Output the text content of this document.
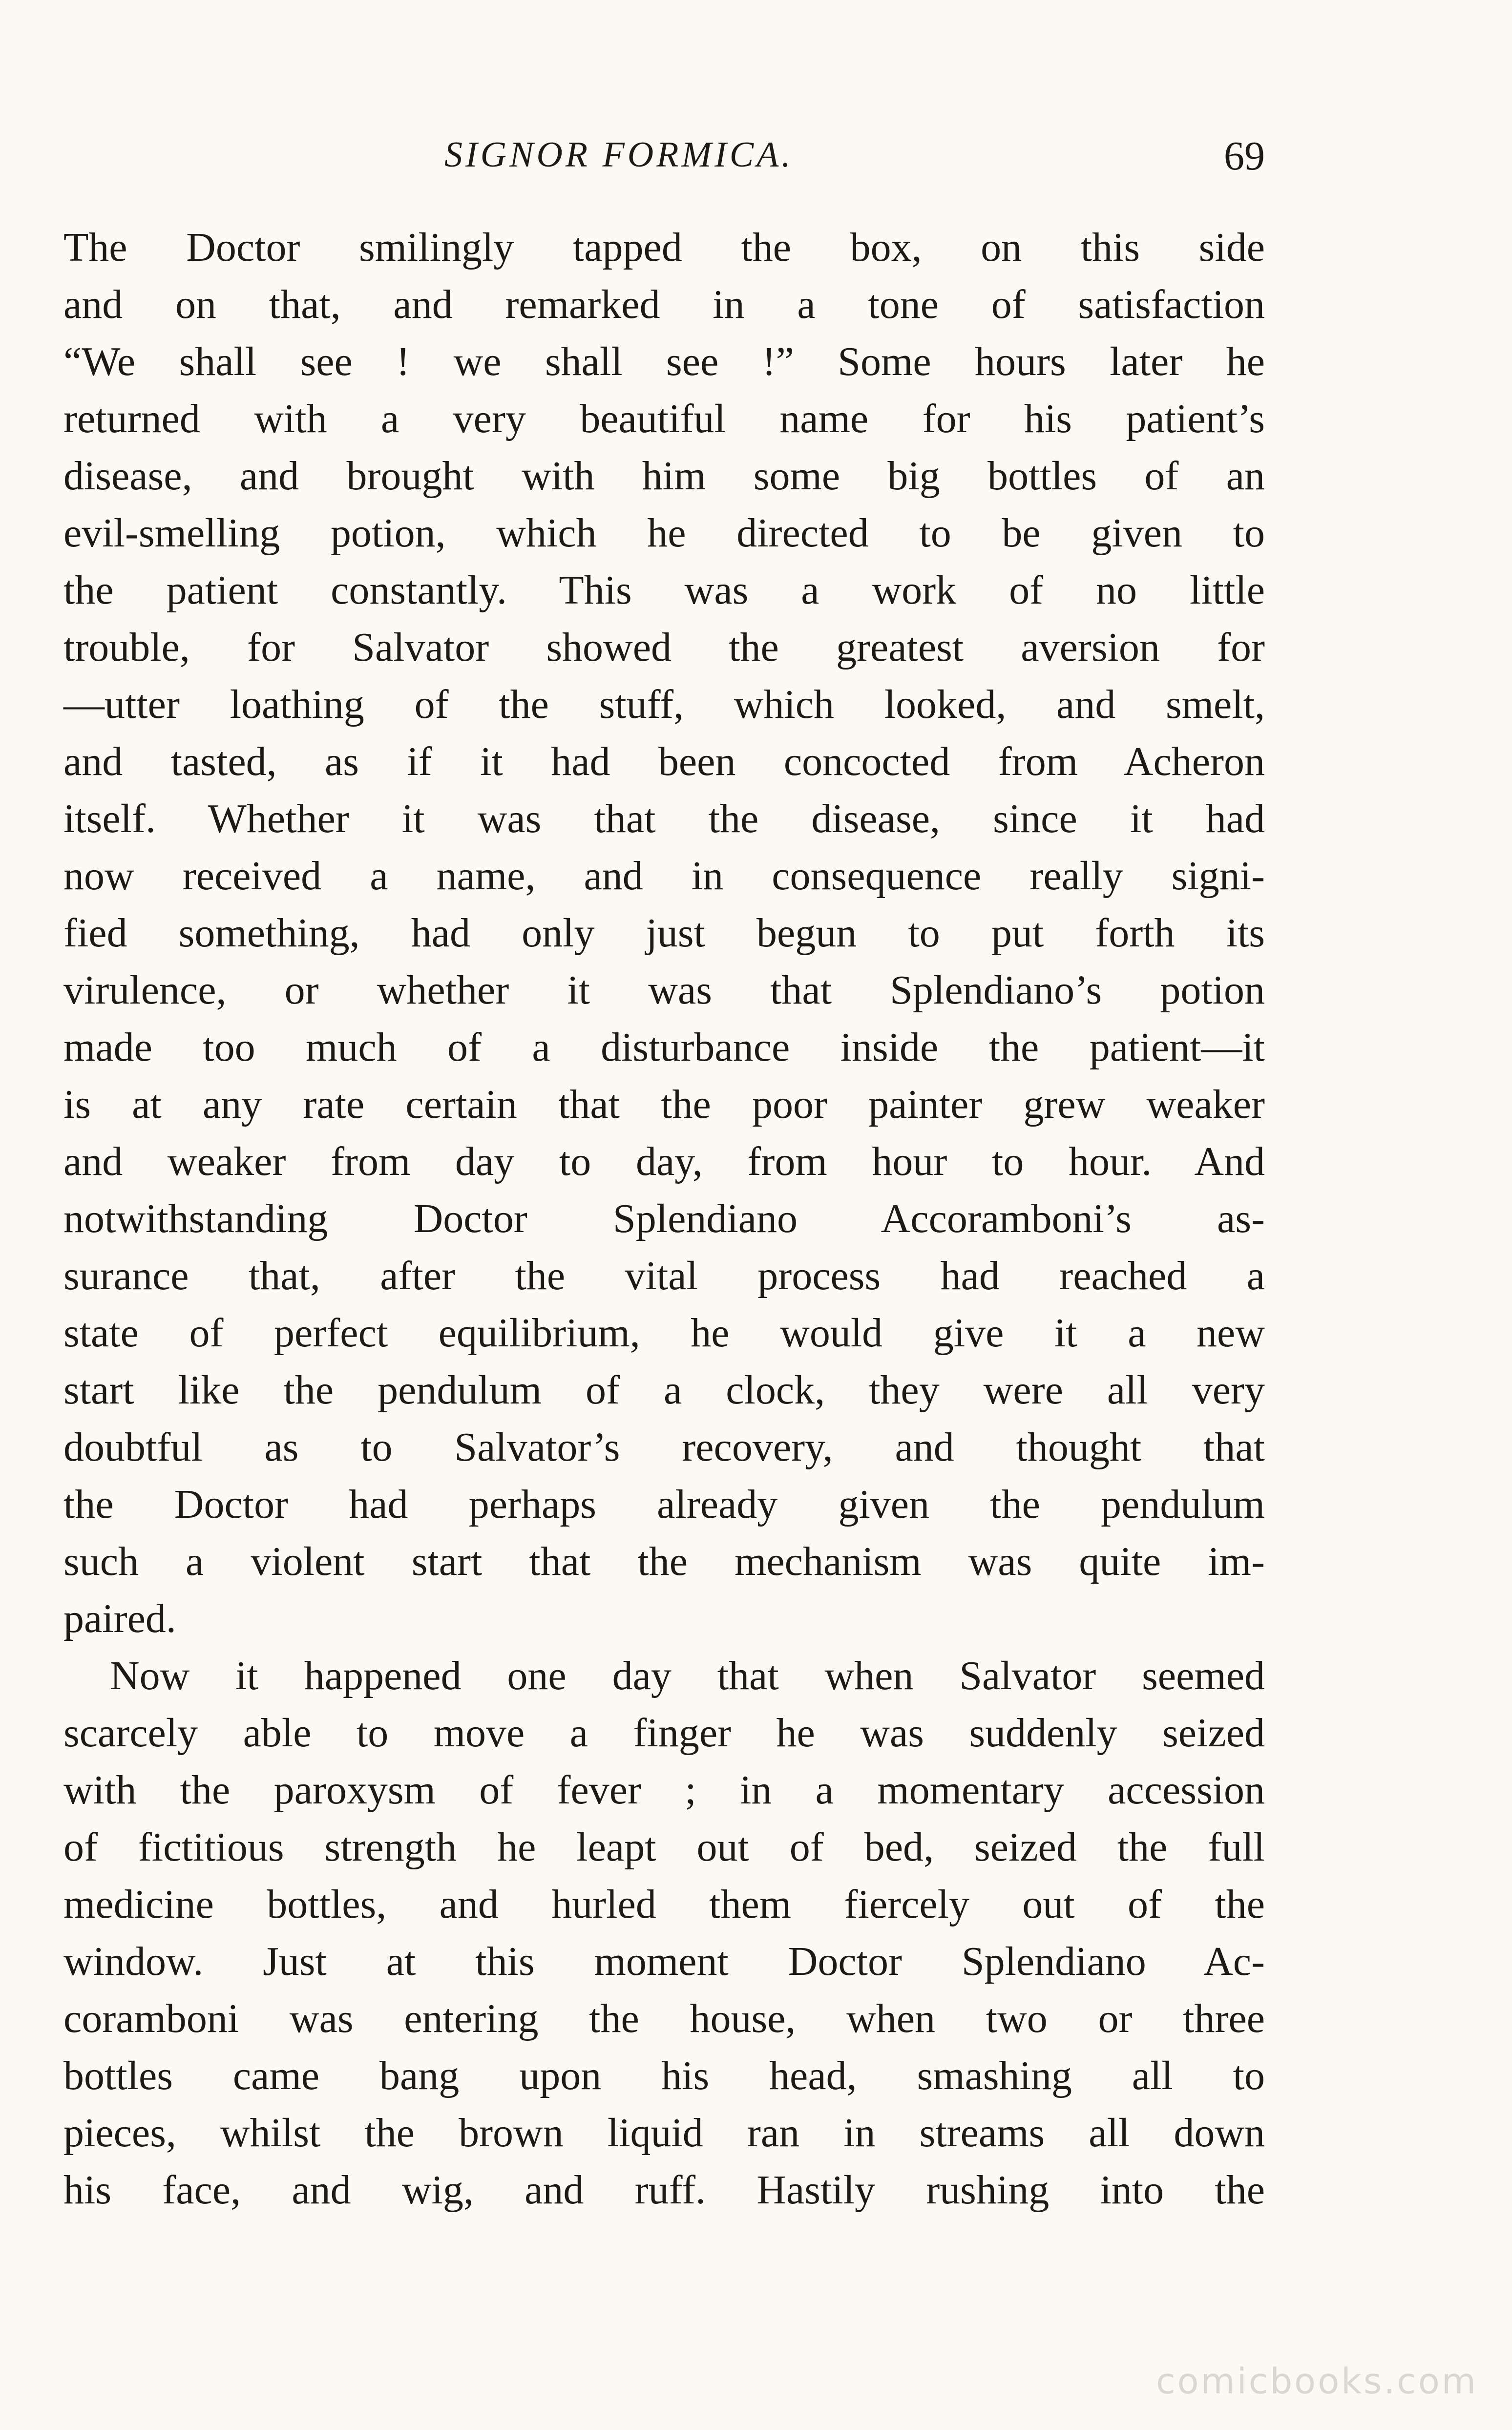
SIGNOR FORMICA.	69
The Doctor smilingly tapped the box, on this side
and on that, and remarked in a tone of satisfaction
“We shall see ! we shall see !” Some hours later he
returned with a very beautiful name for his patient’s
disease, and brought with him some big bottles of an
evil-smelling potion, which he directed to be given to
the patient constantly. This was a work of no little
trouble, for Salvator showed the greatest aversion for
—utter loathing of the stuff, which looked, and smelt,
and tasted, as if it had been concocted from Acheron
itself. Whether it was that the disease, since it had
now received a name, and in consequence really signi-
fied something, had only just begun to put forth its
virulence, or whether it was that Splendiano’s potion
made too much of a disturbance inside the patient—it
is at any rate certain that the poor painter grew weaker
and weaker from day to day, from hour to hour. And
notwithstanding Doctor Splendiano Accoramboni’s as-
surance that, after the vital process had reached a
state of perfect equilibrium, he would give it a new
start like the pendulum of a clock, they were all very
doubtful as to Salvator’s recovery, and thought that
the Doctor had perhaps already given the pendulum
such a violent start that the mechanism was quite im-
paired.
Now it happened one day that when Salvator seemed
scarcely able to move a finger he was suddenly seized
with the paroxysm of fever ; in a momentary accession
of fictitious strength he leapt out of bed, seized the full
medicine bottles, and hurled them fiercely out of the
window. Just at this moment Doctor Splendiano Ac-
coramboni was entering the house, when two or three
bottles came bang upon his head, smashing all to
pieces, whilst the brown liquid ran in streams all down
his face, and wig, and ruff. Hastily rushing into the
comicbooks.com
